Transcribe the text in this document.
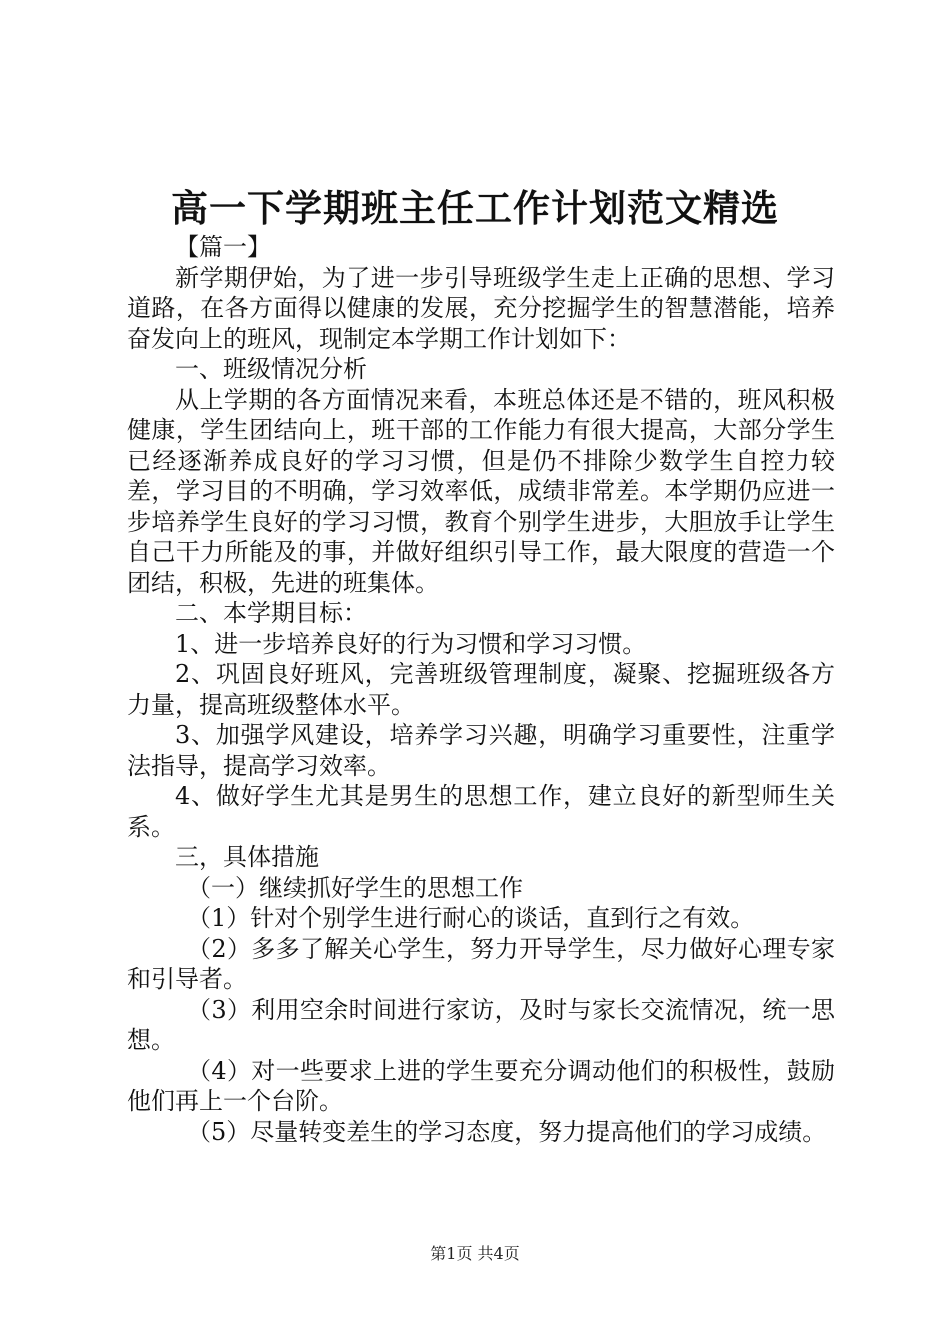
高一下学期班主任工作计划范文精选

【篇一】

新学期伊始，为了进一步引导班级学生走上正确的思想、学习道路，在各方面得以健康的发展，充分挖掘学生的智慧潜能，培养奋发向上的班风，现制定本学期工作计划如下：

一、班级情况分析

从上学期的各方面情况来看，本班总体还是不错的，班风积极健康，学生团结向上，班干部的工作能力有很大提高，大部分学生已经逐渐养成良好的学习习惯，但是仍不排除少数学生自控力较差，学习目的不明确，学习效率低，成绩非常差。本学期仍应进一步培养学生良好的学习习惯，教育个别学生进步，大胆放手让学生自己干力所能及的事，并做好组织引导工作，最大限度的营造一个团结，积极，先进的班集体。

二、本学期目标：

1、进一步培养良好的行为习惯和学习习惯。

2、巩固良好班风，完善班级管理制度，凝聚、挖掘班级各方力量，提高班级整体水平。

3、加强学风建设，培养学习兴趣，明确学习重要性，注重学法指导，提高学习效率。

4、做好学生尤其是男生的思想工作，建立良好的新型师生关系。

三，具体措施

（一）继续抓好学生的思想工作

（1）针对个别学生进行耐心的谈话，直到行之有效。

（2）多多了解关心学生，努力开导学生，尽力做好心理专家和引导者。

（3）利用空余时间进行家访，及时与家长交流情况，统一思想。

（4）对一些要求上进的学生要充分调动他们的积极性，鼓励他们再上一个台阶。

（5）尽量转变差生的学习态度，努力提高他们的学习成绩。

第1页 共4页
